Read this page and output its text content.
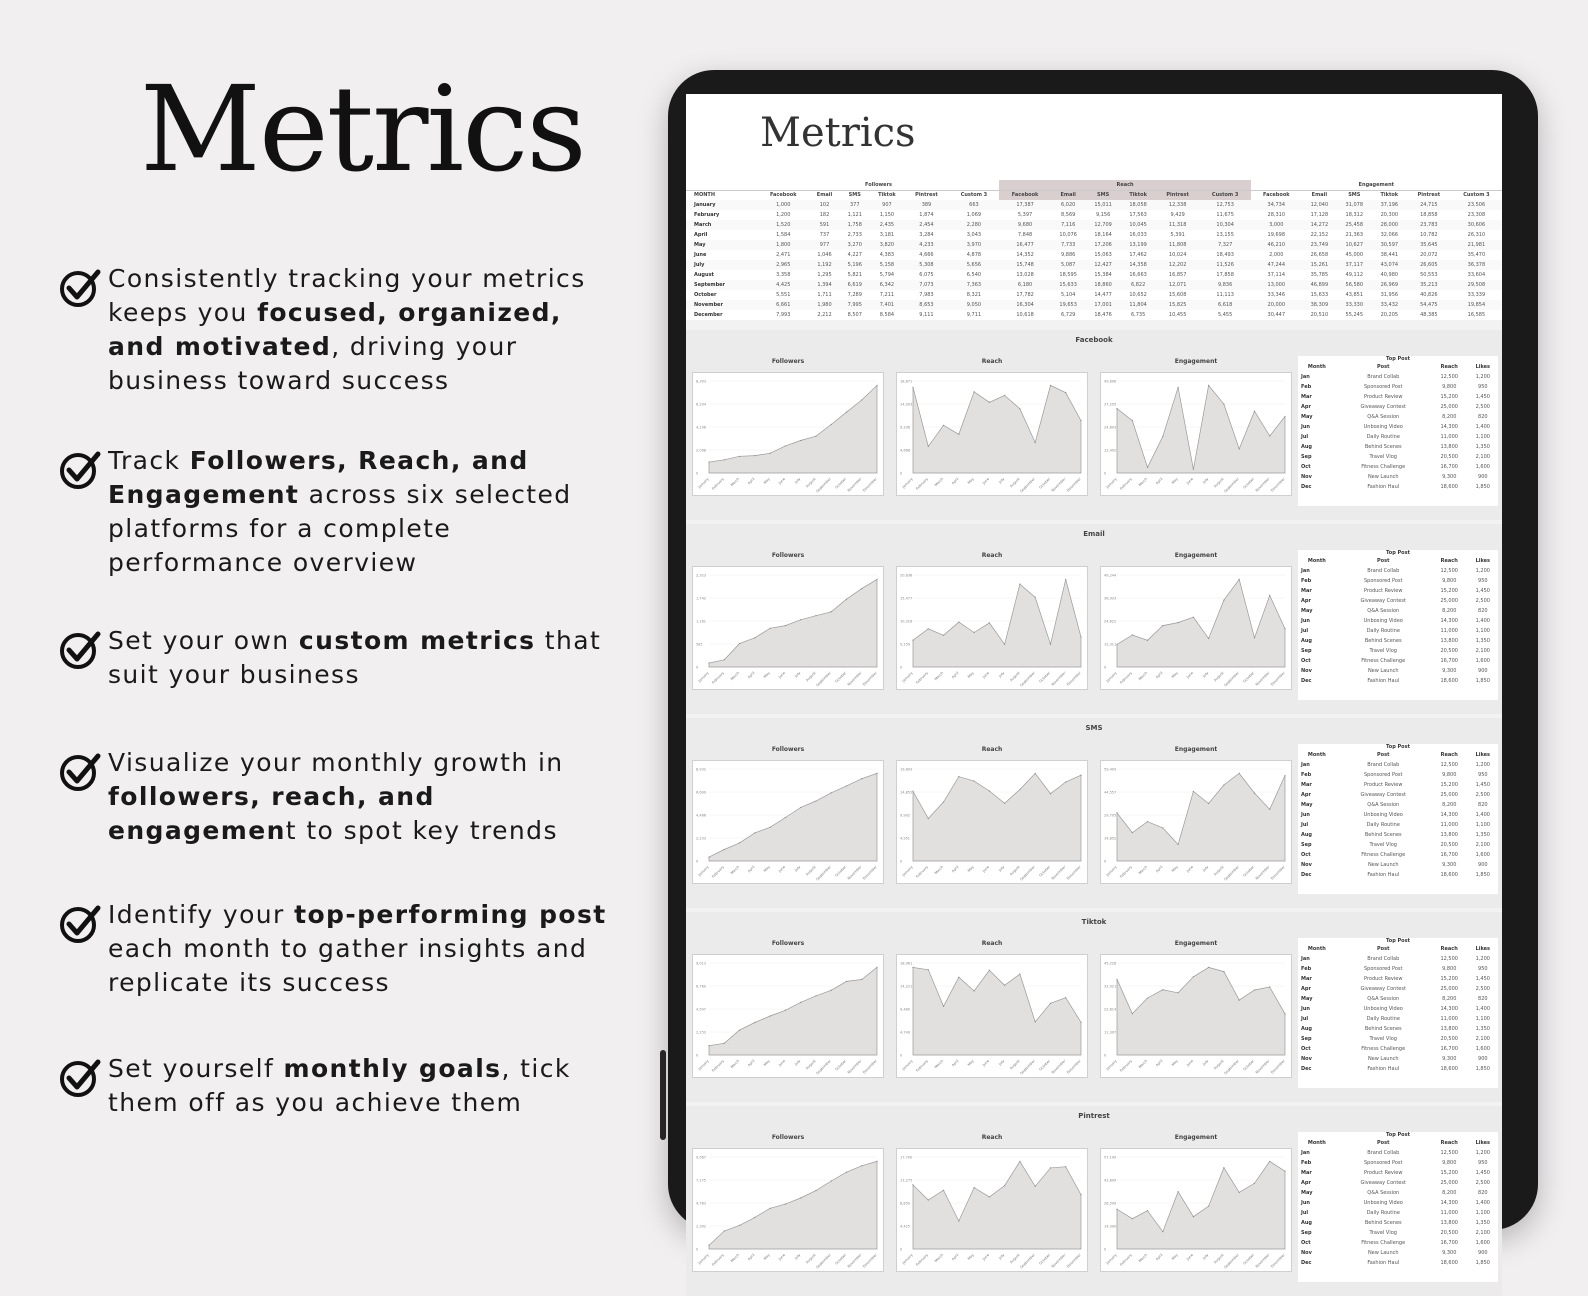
Metrics
Consistently tracking your metrics keeps you focused, organized, and motivated, driving your business toward success
Track Followers, Reach, and Engagement across six selected platforms for a complete performance overview
Set your own custom metrics that suit your business
Visualize your monthly growth in followers, reach, and engagement to spot key trends
Identify your top-performing post each month to gather insights and replicate its success
Set yourself monthly goals, tick them off as you achieve them
Metrics
	Followers						Reach						Engagement					
MONTH	Facebook	Email	SMS	Tiktok	Pintrest	Custom 3	Facebook	Email	SMS	Tiktok	Pintrest	Custom 3	Facebook	Email	SMS	Tiktok	Pintrest	Custom 3
January	1,000	102	377	907	389	663	17,387	6,020	15,011	18,058	12,338	12,753	34,734	12,040	31,078	37,196	24,715	23,506
February	1,200	182	1,121	1,150	1,874	1,069	5,397	8,569	9,156	17,563	9,429	11,675	28,310	17,128	18,312	20,300	18,858	23,308
March	1,520	591	1,758	2,435	2,454	2,280	9,680	7,116	12,709	10,045	11,318	10,304	3,000	14,272	25,458	28,000	23,783	30,606
April	1,584	737	2,733	3,181	3,284	3,043	7,848	10,076	18,164	16,033	5,391	13,155	19,698	22,152	21,363	32,066	10,782	26,310
May	1,800	977	3,270	3,820	4,233	3,970	16,477	7,733	17,206	13,199	11,808	7,327	46,210	23,749	10,627	30,597	35,645	21,981
June	2,471	1,046	4,227	4,383	4,666	4,878	14,352	9,886	15,063	17,462	10,024	18,493	2,000	26,658	45,000	38,441	20,072	35,470
July	2,965	1,192	5,196	5,158	5,308	5,656	15,748	5,087	12,427	14,358	12,202	11,526	47,244	15,261	37,117	43,074	26,605	36,378
August	3,358	1,295	5,821	5,794	6,075	6,540	13,028	18,595	15,384	16,663	16,857	17,858	37,114	35,785	49,112	40,980	50,553	33,604
September	4,425	1,394	6,619	6,342	7,073	7,363	6,180	15,633	18,860	6,822	12,071	9,836	13,000	46,899	56,580	26,969	35,213	29,508
October	5,551	1,711	7,289	7,211	7,983	8,321	17,782	5,104	14,477	10,652	15,608	11,113	33,346	15,633	43,851	31,956	40,826	33,339
November	6,661	1,980	7,995	7,401	8,653	9,050	16,304	19,653	17,001	11,804	15,825	6,618	20,000	38,309	33,330	33,432	54,475	19,854
December	7,993	2,212	8,507	8,584	9,111	9,711	10,618	6,729	18,476	6,735	10,455	5,455	30,447	20,510	55,245	20,205	48,385	16,585
Facebook
Followers
0
2,098
4,196
6,294
8,393
January February March April May June July August
September October November December
Reach
0
4,668
9,336
14,003
18,671
January February March April May June July August
September October November December
Engagement
0
12,402
24,803
37,205
49,606
January February March April May June July August
September October November December
Top Post
Month	Post	Reach	Likes
Jan	Brand Collab	12,500	1,200
Feb	Sponsored Post	9,800	950
Mar	Product Review	15,200	1,450
Apr	Giveaway Contest	25,000	2,500
May	Q&A Session	8,200	820
Jun	Unboxing Video	14,300	1,400
Jul	Daily Routine	11,000	1,100
Aug	Behind Scenes	13,800	1,350
Sep	Travel Vlog	20,500	2,100
Oct	Fitness Challenge	16,700	1,600
Nov	New Launch	9,300	900
Dec	Fashion Haul	18,600	1,850
Email
Followers
0
581
1,161
1,742
2,323
January February March April May June July August
September October November December
Reach
0
5,159
10,318
15,477
20,636
January February March April May June July August
September October November December
Engagement
0
12,311
24,622
36,933
49,244
January February March April May June July August
September October November December
Top Post
Month	Post	Reach	Likes
Jan	Brand Collab	12,500	1,200
Feb	Sponsored Post	9,800	950
Mar	Product Review	15,200	1,450
Apr	Giveaway Contest	25,000	2,500
May	Q&A Session	8,200	820
Jun	Unboxing Video	14,300	1,400
Jul	Daily Routine	11,000	1,100
Aug	Behind Scenes	13,800	1,350
Sep	Travel Vlog	20,500	2,100
Oct	Fitness Challenge	16,700	1,600
Nov	New Launch	9,300	900
Dec	Fashion Haul	18,600	1,850
SMS
Followers
0
2,233
4,466
6,699
8,932
January February March April May June July August
September October November December
Reach
0
4,951
9,902
14,852
19,803
January February March April May June July August
September October November December
Engagement
0
14,852
29,705
44,557
59,409
January February March April May June July August
September October November December
Top Post
Month	Post	Reach	Likes
Jan	Brand Collab	12,500	1,200
Feb	Sponsored Post	9,800	950
Mar	Product Review	15,200	1,450
Apr	Giveaway Contest	25,000	2,500
May	Q&A Session	8,200	820
Jun	Unboxing Video	14,300	1,400
Jul	Daily Routine	11,000	1,100
Aug	Behind Scenes	13,800	1,350
Sep	Travel Vlog	20,500	2,100
Oct	Fitness Challenge	16,700	1,600
Nov	New Launch	9,300	900
Dec	Fashion Haul	18,600	1,850
Tiktok
Followers
0
2,253
4,507
6,760
9,013
January February March April May June July August
September October November December
Reach
0
4,740
9,480
14,221
18,961
January February March April May June July August
September October November December
Engagement
0
11,307
22,614
33,921
45,228
January February March April May June July August
September October November December
Top Post
Month	Post	Reach	Likes
Jan	Brand Collab	12,500	1,200
Feb	Sponsored Post	9,800	950
Mar	Product Review	15,200	1,450
Apr	Giveaway Contest	25,000	2,500
May	Q&A Session	8,200	820
Jun	Unboxing Video	14,300	1,400
Jul	Daily Routine	11,000	1,100
Aug	Behind Scenes	13,800	1,350
Sep	Travel Vlog	20,500	2,100
Oct	Fitness Challenge	16,700	1,600
Nov	New Launch	9,300	900
Dec	Fashion Haul	18,600	1,850
Pintrest
Followers
0
2,392
4,783
7,175
9,567
January February March April May June July August
September October November December
Reach
0
4,425
8,850
13,275
17,700
January February March April May June July August
September October November December
Engagement
0
14,300
28,599
42,899
57,199
January February March April May June July August
September October November December
Top Post
Month	Post	Reach	Likes
Jan	Brand Collab	12,500	1,200
Feb	Sponsored Post	9,800	950
Mar	Product Review	15,200	1,450
Apr	Giveaway Contest	25,000	2,500
May	Q&A Session	8,200	820
Jun	Unboxing Video	14,300	1,400
Jul	Daily Routine	11,000	1,100
Aug	Behind Scenes	13,800	1,350
Sep	Travel Vlog	20,500	2,100
Oct	Fitness Challenge	16,700	1,600
Nov	New Launch	9,300	900
Dec	Fashion Haul	18,600	1,850
